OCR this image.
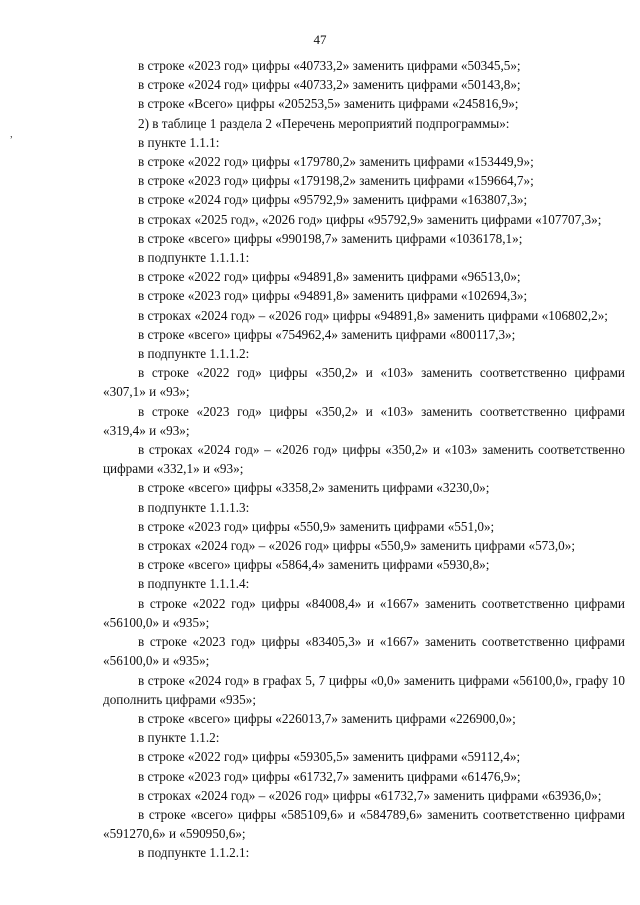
47
,

в строке «2023 год» цифры «40733,2» заменить цифрами «50345,5»;

в строке «2024 год» цифры «40733,2» заменить цифрами «50143,8»;

в строке «Всего» цифры «205253,5» заменить цифрами «245816,9»;

2) в таблице 1 раздела 2 «Перечень мероприятий подпрограммы»:

в пункте 1.1.1:

в строке «2022 год» цифры «179780,2» заменить цифрами «153449,9»;

в строке «2023 год» цифры «179198,2» заменить цифрами «159664,7»;

в строке «2024 год» цифры «95792,9» заменить цифрами «163807,3»;

в строках «2025 год», «2026 год» цифры «95792,9» заменить цифрами «107707,3»;

в строке «всего» цифры «990198,7» заменить цифрами «1036178,1»;

в подпункте 1.1.1.1:

в строке «2022 год» цифры «94891,8» заменить цифрами «96513,0»;

в строке «2023 год» цифры «94891,8» заменить цифрами «102694,3»;

в строках «2024 год» – «2026 год» цифры «94891,8» заменить цифрами «106802,2»;

в строке «всего» цифры «754962,4» заменить цифрами «800117,3»;

в подпункте 1.1.1.2:

в строке «2022 год» цифры «350,2» и «103» заменить соответственно цифрами «307,1» и «93»;

в строке «2023 год» цифры «350,2» и «103» заменить соответственно цифрами «319,4» и «93»;

в строках «2024 год» – «2026 год» цифры «350,2» и «103» заменить соответственно цифрами «332,1» и «93»;

в строке «всего» цифры «3358,2» заменить цифрами «3230,0»;

в подпункте 1.1.1.3:

в строке «2023 год» цифры «550,9» заменить цифрами «551,0»;

в строках «2024 год» – «2026 год» цифры «550,9» заменить цифрами «573,0»;

в строке «всего» цифры «5864,4» заменить цифрами «5930,8»;

в подпункте 1.1.1.4:

в строке «2022 год» цифры «84008,4» и «1667» заменить соответственно цифрами «56100,0» и «935»;

в строке «2023 год» цифры «83405,3» и «1667» заменить соответственно цифрами «56100,0» и «935»;

в строке «2024 год» в графах 5, 7 цифры «0,0» заменить цифрами «56100,0», графу 10 дополнить цифрами «935»;

в строке «всего» цифры «226013,7» заменить цифрами «226900,0»;

в пункте 1.1.2:

в строке «2022 год» цифры «59305,5» заменить цифрами «59112,4»;

в строке «2023 год» цифры «61732,7» заменить цифрами «61476,9»;

в строках «2024 год» – «2026 год» цифры «61732,7» заменить цифрами «63936,0»;

в строке «всего» цифры «585109,6» и «584789,6» заменить соответственно цифрами «591270,6» и «590950,6»;

в подпункте 1.1.2.1:
